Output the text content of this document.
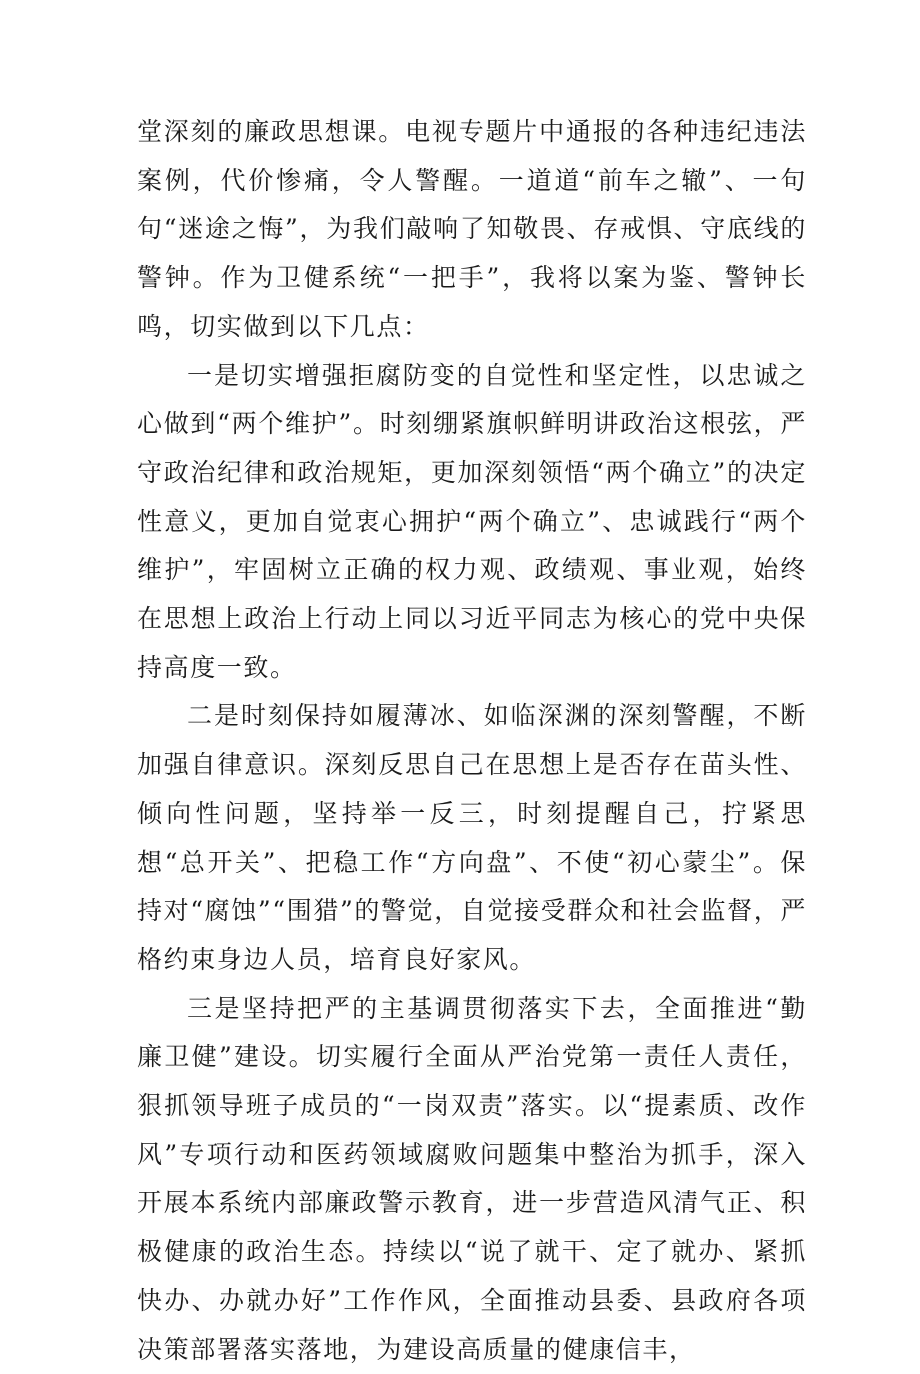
堂深刻的廉政思想课。电视专题片中通报的各种违纪违法案例，代价惨痛，令人警醒。一道道“前车之辙”、一句句“迷途之悔”，为我们敲响了知敬畏、存戒惧、守底线的警钟。作为卫健系统“一把手”，我将以案为鉴、警钟长鸣，切实做到以下几点：

一是切实增强拒腐防变的自觉性和坚定性，以忠诚之心做到“两个维护”。时刻绷紧旗帜鲜明讲政治这根弦，严守政治纪律和政治规矩，更加深刻领悟“两个确立”的决定性意义，更加自觉衷心拥护“两个确立”、忠诚践行“两个维护”，牢固树立正确的权力观、政绩观、事业观，始终在思想上政治上行动上同以习近平同志为核心的党中央保持高度一致。

二是时刻保持如履薄冰、如临深渊的深刻警醒，不断加强自律意识。深刻反思自己在思想上是否存在苗头性、倾向性问题，坚持举一反三，时刻提醒自己，拧紧思想“总开关”、把稳工作“方向盘”、不使“初心蒙尘”。保持对“腐蚀”“围猎”的警觉，自觉接受群众和社会监督，严格约束身边人员，培育良好家风。

三是坚持把严的主基调贯彻落实下去，全面推进“勤廉卫健”建设。切实履行全面从严治党第一责任人责任，狠抓领导班子成员的“一岗双责”落实。以“提素质、改作风”专项行动和医药领域腐败问题集中整治为抓手，深入开展本系统内部廉政警示教育，进一步营造风清气正、积极健康的政治生态。持续以“说了就干、定了就办、紧抓快办、办就办好”工作作风，全面推动县委、县政府各项决策部署落实落地，为建设高质量的健康信丰，
